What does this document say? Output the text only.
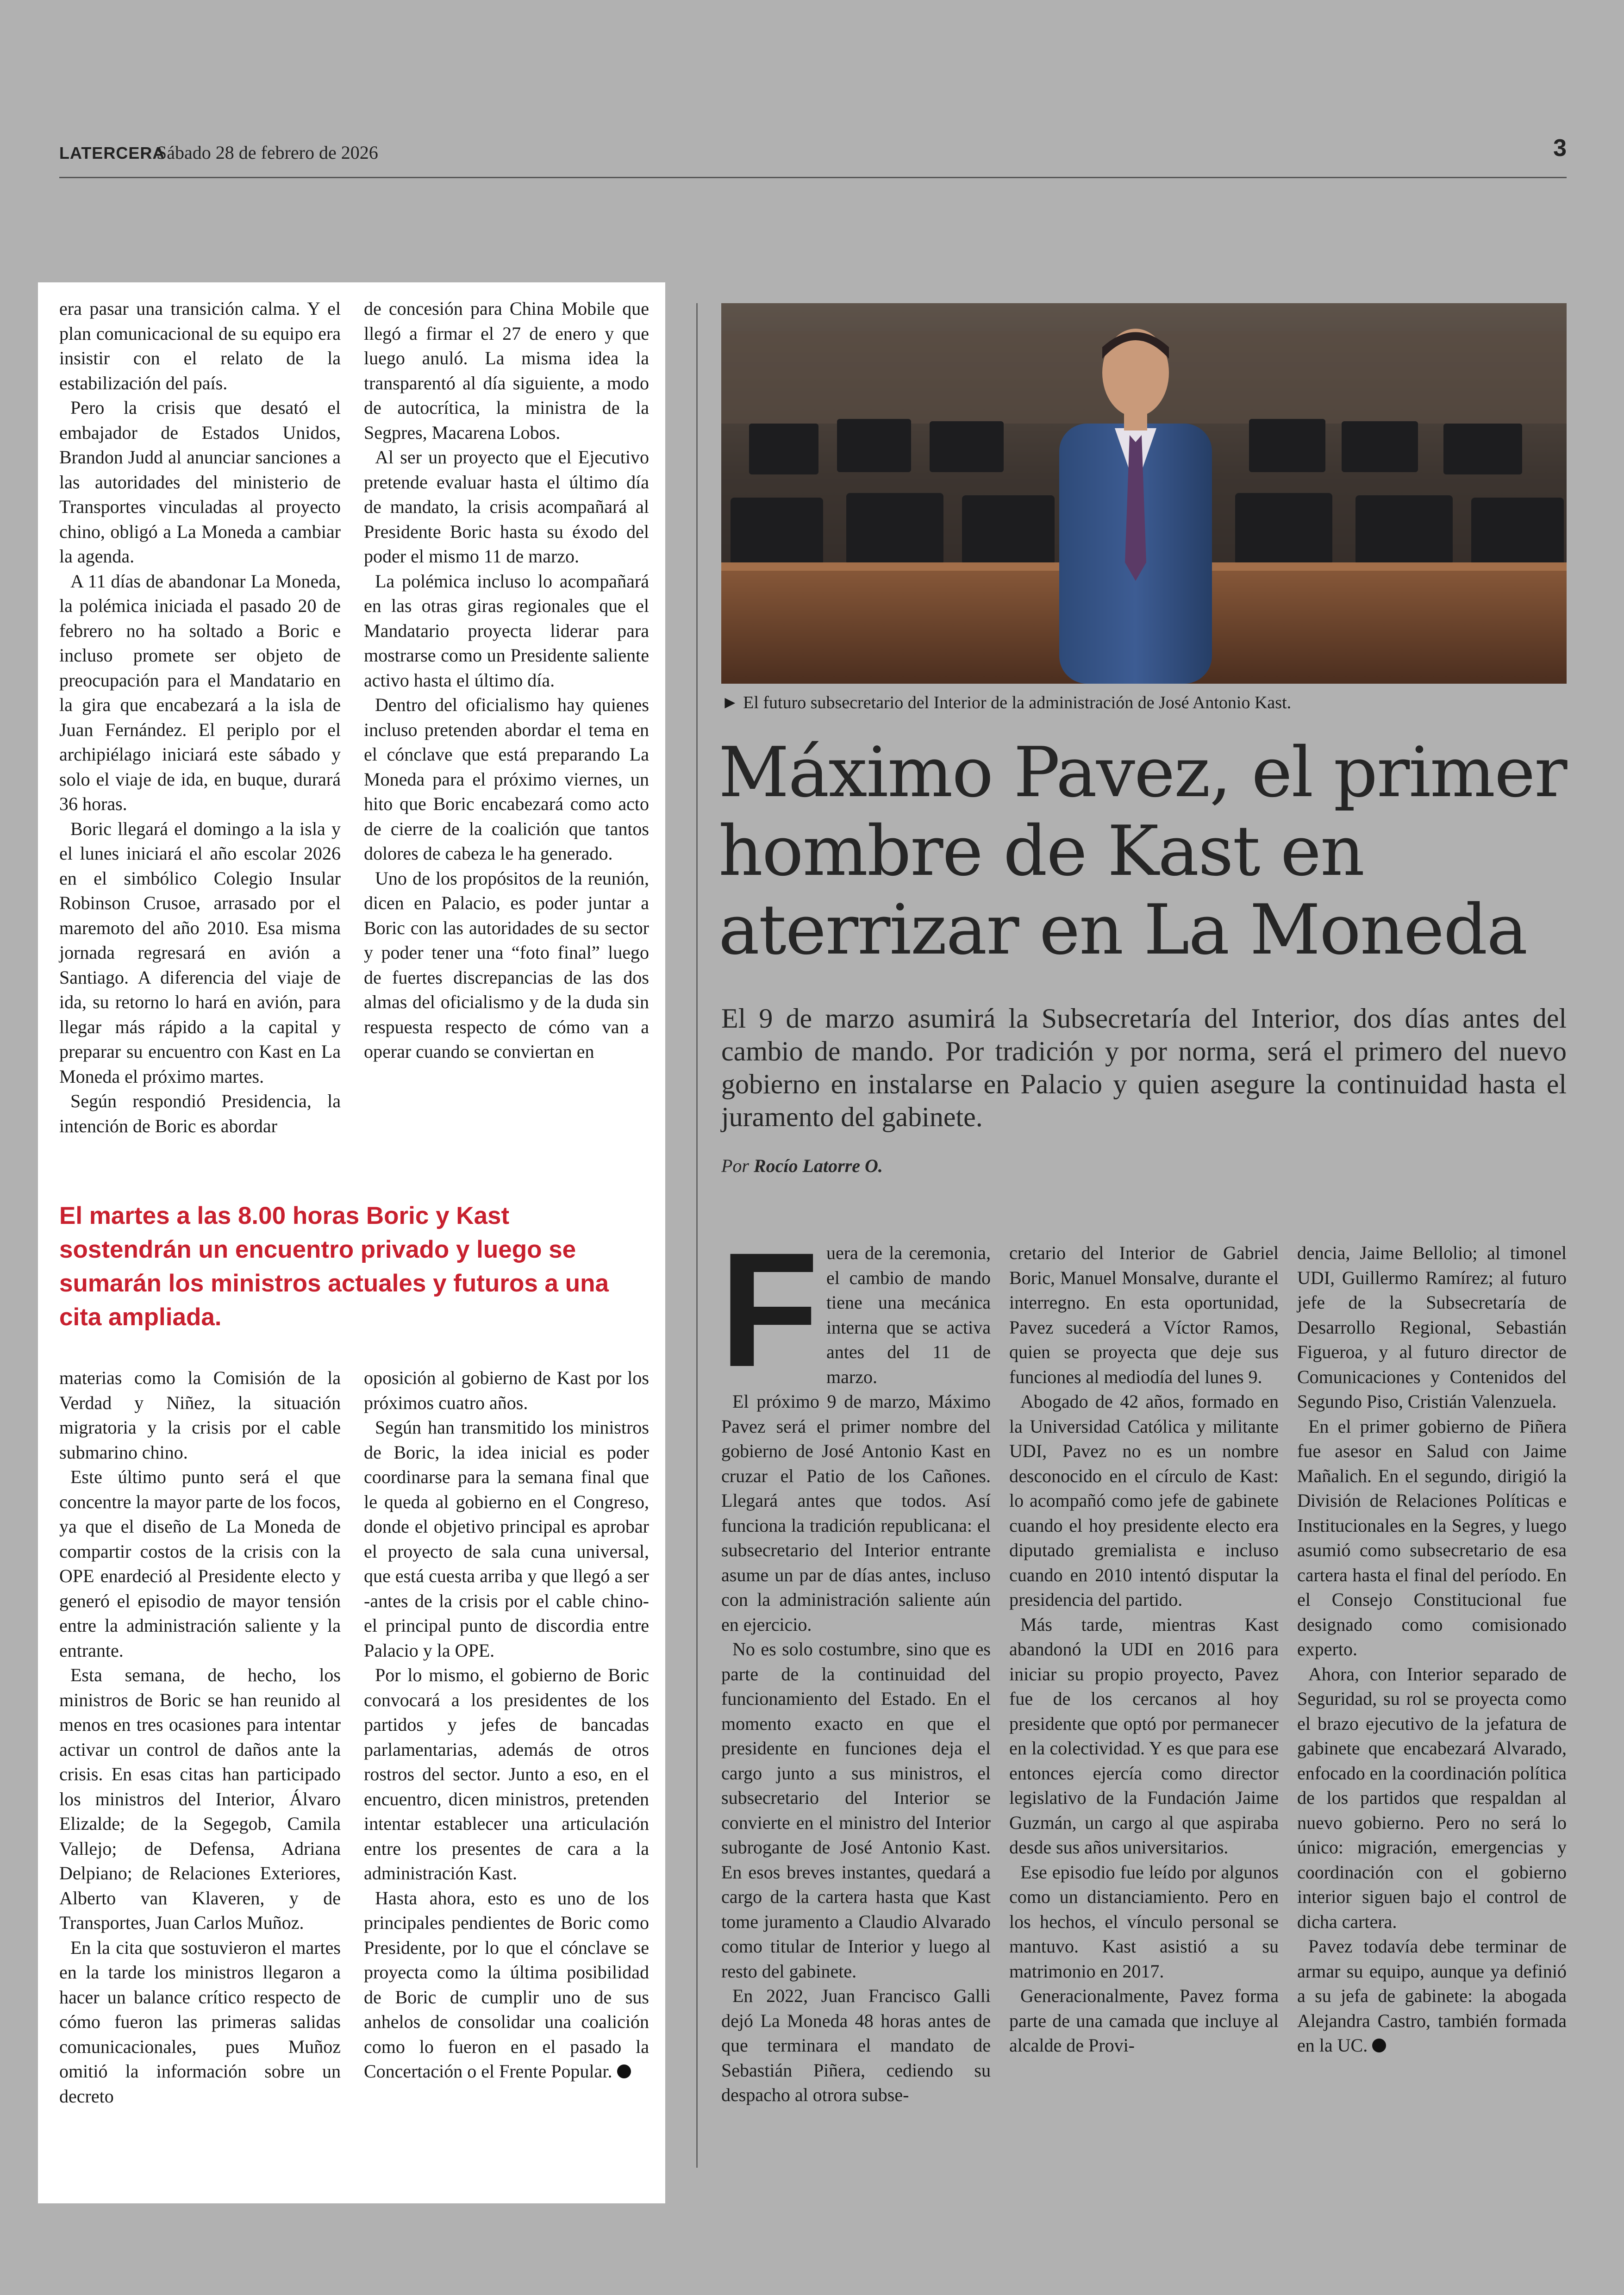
LATERCERA
Sábado 28 de febrero de 2026	3

era pasar una transición calma. Y el plan comunicacional de su equipo era insistir con el relato de la estabilización del país.

Pero la crisis que desató el embajador de Estados Unidos, Brandon Judd al anunciar sanciones a las autoridades del ministerio de Transportes vinculadas al proyecto chino, obligó a La Moneda a cambiar la agenda.

A 11 días de abandonar La Moneda, la polémica iniciada el pasado 20 de febrero no ha soltado a Boric e incluso promete ser objeto de preocupación para el Mandatario en la gira que encabezará a la isla de Juan Fernández. El periplo por el archipiélago iniciará este sábado y solo el viaje de ida, en buque, durará 36 horas.

Boric llegará el domingo a la isla y el lunes iniciará el año escolar 2026 en el simbólico Colegio Insular Robinson Crusoe, arrasado por el maremoto del año 2010. Esa misma jornada regresará en avión a Santiago. A diferencia del viaje de ida, su retorno lo hará en avión, para llegar más rápido a la capital y preparar su encuentro con Kast en La Moneda el próximo martes.

Según respondió Presidencia, la intención de Boric es abordar

de concesión para China Mobile que llegó a firmar el 27 de enero y que luego anuló. La misma idea la transparentó al día siguiente, a modo de autocrítica, la ministra de la Segpres, Macarena Lobos.

Al ser un proyecto que el Ejecutivo pretende evaluar hasta el último día de mandato, la crisis acompañará al Presidente Boric hasta su éxodo del poder el mismo 11 de marzo.

La polémica incluso lo acompañará en las otras giras regionales que el Mandatario proyecta liderar para mostrarse como un Presidente saliente activo hasta el último día.

Dentro del oficialismo hay quienes incluso pretenden abordar el tema en el cónclave que está preparando La Moneda para el próximo viernes, un hito que Boric encabezará como acto de cierre de la coalición que tantos dolores de cabeza le ha generado.

Uno de los propósitos de la reunión, dicen en Palacio, es poder juntar a Boric con las autoridades de su sector y poder tener una “foto final” luego de fuertes discrepancias de las dos almas del oficialismo y de la duda sin respuesta respecto de cómo van a operar cuando se conviertan en

El martes a las 8.00 horas Boric y Kast sostendrán un encuentro privado y luego se sumarán los ministros actuales y futuros a una cita ampliada.

materias como la Comisión de la Verdad y Niñez, la situación migratoria y la crisis por el cable submarino chino.

Este último punto será el que concentre la mayor parte de los focos, ya que el diseño de La Moneda de compartir costos de la crisis con la OPE enardeció al Presidente electo y generó el episodio de mayor tensión entre la administración saliente y la entrante.

Esta semana, de hecho, los ministros de Boric se han reunido al menos en tres ocasiones para intentar activar un control de daños ante la crisis. En esas citas han participado los ministros del Interior, Álvaro Elizalde; de la Segegob, Camila Vallejo; de Defensa, Adriana Delpiano; de Relaciones Exteriores, Alberto van Klaveren, y de Transportes, Juan Carlos Muñoz.

En la cita que sostuvieron el martes en la tarde los ministros llegaron a hacer un balance crítico respecto de cómo fueron las primeras salidas comunicacionales, pues Muñoz omitió la información sobre un decreto

oposición al gobierno de Kast por los próximos cuatro años.

Según han transmitido los ministros de Boric, la idea inicial es poder coordinarse para la semana final que le queda al gobierno en el Congreso, donde el objetivo principal es aprobar el proyecto de sala cuna universal, que está cuesta arriba y que llegó a ser -antes de la crisis por el cable chino- el principal punto de discordia entre Palacio y la OPE.

Por lo mismo, el gobierno de Boric convocará a los presidentes de los partidos y jefes de bancadas parlamentarias, además de otros rostros del sector. Junto a eso, en el encuentro, dicen ministros, pretenden intentar establecer una articulación entre los presentes de cara a la administración Kast.

Hasta ahora, esto es uno de los principales pendientes de Boric como Presidente, por lo que el cónclave se proyecta como la última posibilidad de Boric de cumplir uno de sus anhelos de consolidar una coalición como lo fueron en el pasado la Concertación o el Frente Popular.

► El futuro subsecretario del Interior de la administración de José Antonio Kast.
Máximo Pavez, el primer hombre de Kast en aterrizar en La Moneda
El 9 de marzo asumirá la Subsecretaría del Interior, dos días antes del cambio de mando. Por tradición y por norma, será el primero del nuevo gobierno en instalarse en Palacio y quien asegure la continuidad hasta el juramento del gabinete.
Por Rocío Latorre O.
F uera de la ceremonia, el cambio de mando tiene una mecánica interna que se activa antes del 11 de marzo.

El próximo 9 de marzo, Máximo Pavez será el primer nombre del gobierno de José Antonio Kast en cruzar el Patio de los Cañones. Llegará antes que todos. Así funciona la tradición republicana: el subsecretario del Interior entrante asume un par de días antes, incluso con la administración saliente aún en ejercicio.

No es solo costumbre, sino que es parte de la continuidad del funcionamiento del Estado. En el momento exacto en que el presidente en funciones deja el cargo junto a sus ministros, el subsecretario del Interior se convierte en el ministro del Interior subrogante de José Antonio Kast. En esos breves instantes, quedará a cargo de la cartera hasta que Kast tome juramento a Claudio Alvarado como titular de Interior y luego al resto del gabinete.

En 2022, Juan Francisco Galli dejó La Moneda 48 horas antes de que terminara el mandato de Sebastián Piñera, cediendo su despacho al otrora subse-

cretario del Interior de Gabriel Boric, Manuel Monsalve, durante el interregno. En esta oportunidad, Pavez sucederá a Víctor Ramos, quien se proyecta que deje sus funciones al mediodía del lunes 9.

Abogado de 42 años, formado en la Universidad Católica y militante UDI, Pavez no es un nombre desconocido en el círculo de Kast: lo acompañó como jefe de gabinete cuando el hoy presidente electo era diputado gremialista e incluso cuando en 2010 intentó disputar la presidencia del partido.

Más tarde, mientras Kast abandonó la UDI en 2016 para iniciar su propio proyecto, Pavez fue de los cercanos al hoy presidente que optó por permanecer en la colectividad. Y es que para ese entonces ejercía como director legislativo de la Fundación Jaime Guzmán, un cargo al que aspiraba desde sus años universitarios.

Ese episodio fue leído por algunos como un distanciamiento. Pero en los hechos, el vínculo personal se mantuvo. Kast asistió a su matrimonio en 2017.

Generacionalmente, Pavez forma parte de una camada que incluye al alcalde de Provi-

dencia, Jaime Bellolio; al timonel UDI, Guillermo Ramírez; al futuro jefe de la Subsecretaría de Desarrollo Regional, Sebastián Figueroa, y al futuro director de Comunicaciones y Contenidos del Segundo Piso, Cristián Valenzuela.

En el primer gobierno de Piñera fue asesor en Salud con Jaime Mañalich. En el segundo, dirigió la División de Relaciones Políticas e Institucionales en la Segres, y luego asumió como subsecretario de esa cartera hasta el final del período. En el Consejo Constitucional fue designado como comisionado experto.

Ahora, con Interior separado de Seguridad, su rol se proyecta como el brazo ejecutivo de la jefatura de gabinete que encabezará Alvarado, enfocado en la coordinación política de los partidos que respaldan al nuevo gobierno. Pero no será lo único: migración, emergencias y coordinación con el gobierno interior siguen bajo el control de dicha cartera.

Pavez todavía debe terminar de armar su equipo, aunque ya definió a su jefa de gabinete: la abogada Alejandra Castro, también formada en la UC.
